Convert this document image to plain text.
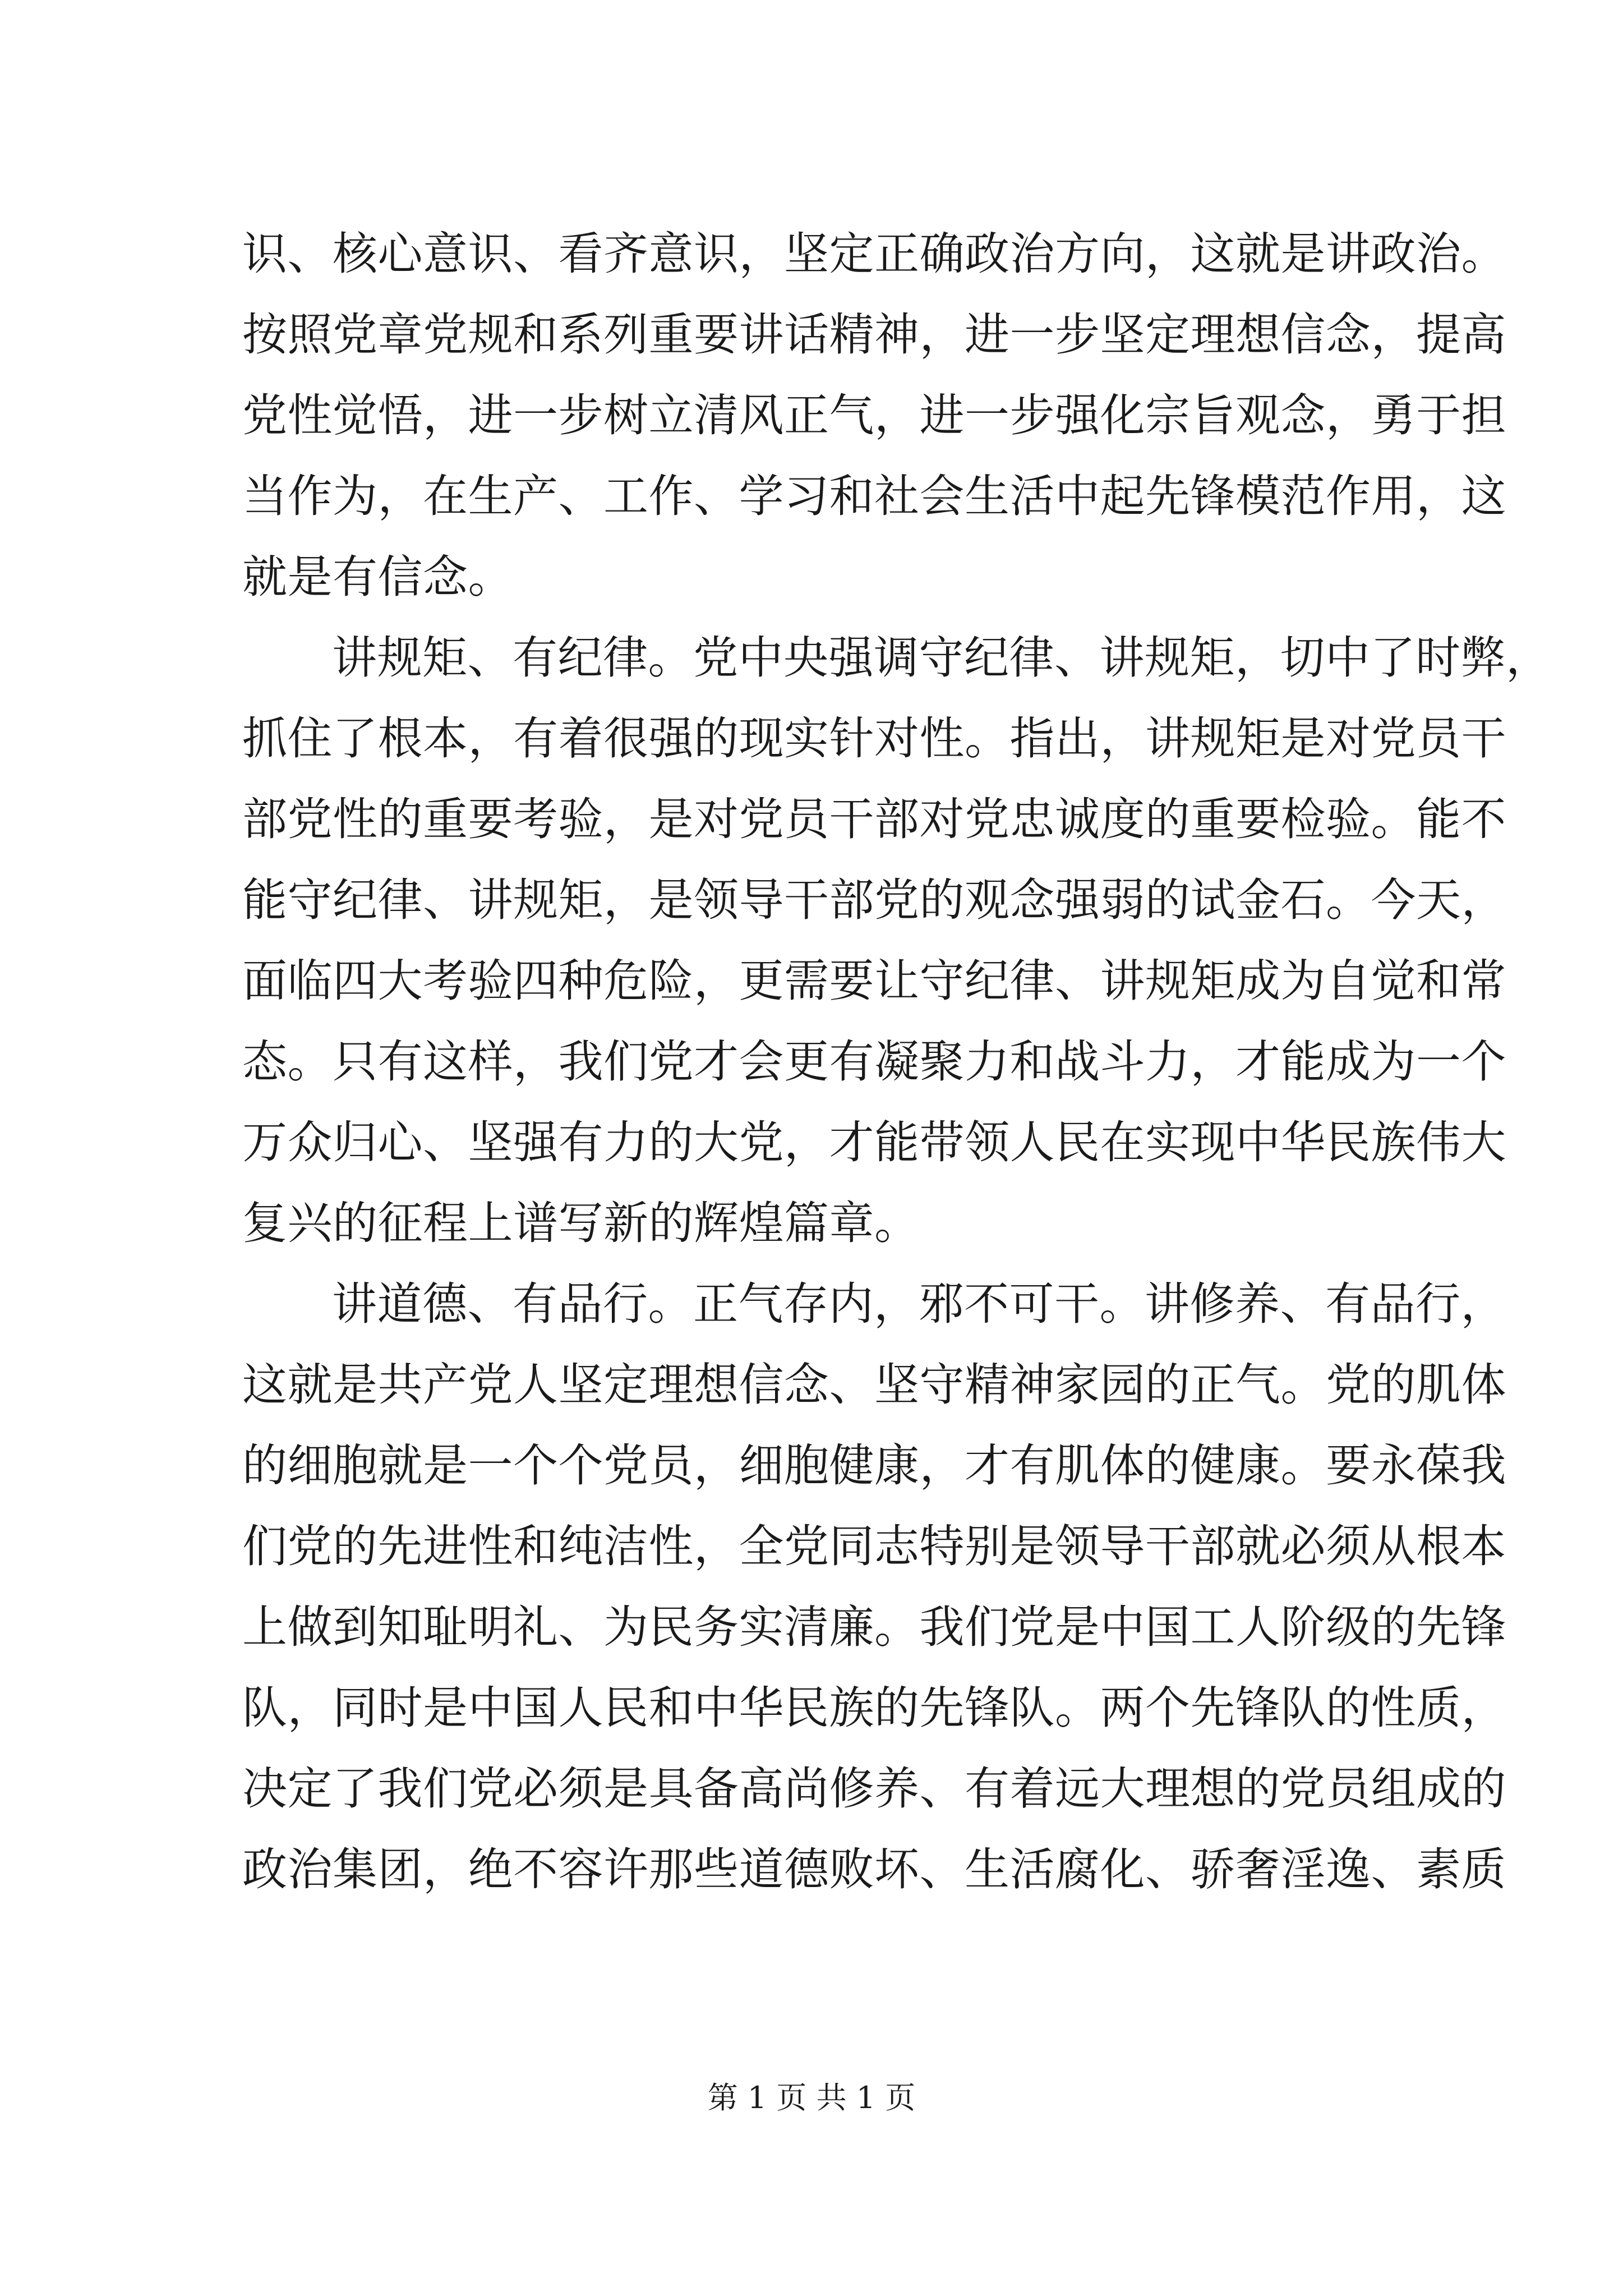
识、核心意识、看齐意识，坚定正确政治方向，这就是讲政治。
按照党章党规和系列重要讲话精神，进一步坚定理想信念，提高
党性觉悟，进一步树立清风正气，进一步强化宗旨观念，勇于担
当作为，在生产、工作、学习和社会生活中起先锋模范作用，这
就是有信念。
讲规矩、有纪律。党中央强调守纪律、讲规矩，切中了时弊，
抓住了根本，有着很强的现实针对性。指出，讲规矩是对党员干
部党性的重要考验，是对党员干部对党忠诚度的重要检验。能不
能守纪律、讲规矩，是领导干部党的观念强弱的试金石。今天，
面临四大考验四种危险，更需要让守纪律、讲规矩成为自觉和常
态。只有这样，我们党才会更有凝聚力和战斗力，才能成为一个
万众归心、坚强有力的大党，才能带领人民在实现中华民族伟大
复兴的征程上谱写新的辉煌篇章。
讲道德、有品行。正气存内，邪不可干。讲修养、有品行，
这就是共产党人坚定理想信念、坚守精神家园的正气。党的肌体
的细胞就是一个个党员，细胞健康，才有肌体的健康。要永葆我
们党的先进性和纯洁性，全党同志特别是领导干部就必须从根本
上做到知耻明礼、为民务实清廉。我们党是中国工人阶级的先锋
队，同时是中国人民和中华民族的先锋队。两个先锋队的性质，
决定了我们党必须是具备高尚修养、有着远大理想的党员组成的
政治集团，绝不容许那些道德败坏、生活腐化、骄奢淫逸、素质
第 1 页 共 1 页
